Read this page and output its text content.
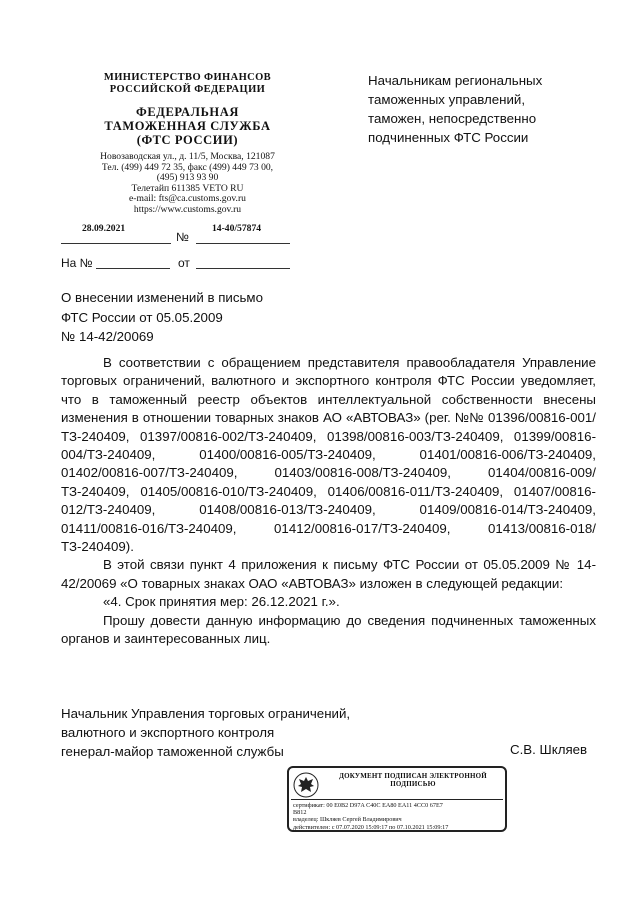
МИНИСТЕРСТВО ФИНАНСОВ
РОССИЙСКОЙ ФЕДЕРАЦИИ
ФЕДЕРАЛЬНАЯ
ТАМОЖЕННАЯ СЛУЖБА
(ФТС РОССИИ)
Новозаводская ул., д. 11/5, Москва, 121087
Тел. (499) 449 72 35, факс (499) 449 73 00,
(495) 913 93 90
Телетайп 611385 VETO RU
e-mail: fts@ca.customs.gov.ru
https://www.customs.gov.ru
28.09.2021	14-40/57874
№
На №	от
Начальникам региональных
таможенных управлений,
таможен, непосредственно
подчиненных ФТС России
О внесении изменений в письмо
ФТС России от 05.05.2009
№ 14-42/20069

В соответствии с обращением представителя правообладателя Управление торговых ограничений, валютного и экспортного контроля ФТС России уведомляет, что в таможенный реестр объектов интеллектуальной собственности внесены изменения в отношении товарных знаков АО «АВТОВАЗ» (рег. №№ 01396/00816-001/ТЗ-240409, 01397/00816-002/ТЗ-240409, 01398/00816-003/ТЗ-240409, 01399/00816-004/ТЗ-240409, 01400/00816-005/ТЗ-240409, 01401/00816-006/ТЗ-240409, 01402/00816-007/ТЗ-240409, 01403/00816-008/ТЗ-240409, 01404/00816-009/ТЗ-240409, 01405/00816-010/ТЗ-240409, 01406/00816-011/ТЗ-240409, 01407/00816-012/ТЗ-240409, 01408/00816-013/ТЗ-240409, 01409/00816-014/ТЗ-240409, 01411/00816-016/ТЗ-240409, 01412/00816-017/ТЗ-240409, 01413/00816-018/ТЗ-240409).

В этой связи пункт 4 приложения к письму ФТС России от 05.05.2009 № 14-42/20069 «О товарных знаках ОАО «АВТОВАЗ» изложен в следующей редакции:

«4. Срок принятия мер: 26.12.2021 г.».

Прошу довести данную информацию до сведения подчиненных таможенных органов и заинтересованных лиц.

Начальник Управления торговых ограничений,
валютного и экспортного контроля
генерал-майор таможенной службы	С.В. Шкляев
ДОКУМЕНТ ПОДПИСАН ЭЛЕКТРОННОЙ
ПОДПИСЬЮ
сертификат: 00 E0B2 D97A C40C EA80 EA11 4CC0 67E7
B812
владелец: Шкляев Сергей Владимирович
действителен: с 07.07.2020 15:09:17 по 07.10.2021 15:09:17
